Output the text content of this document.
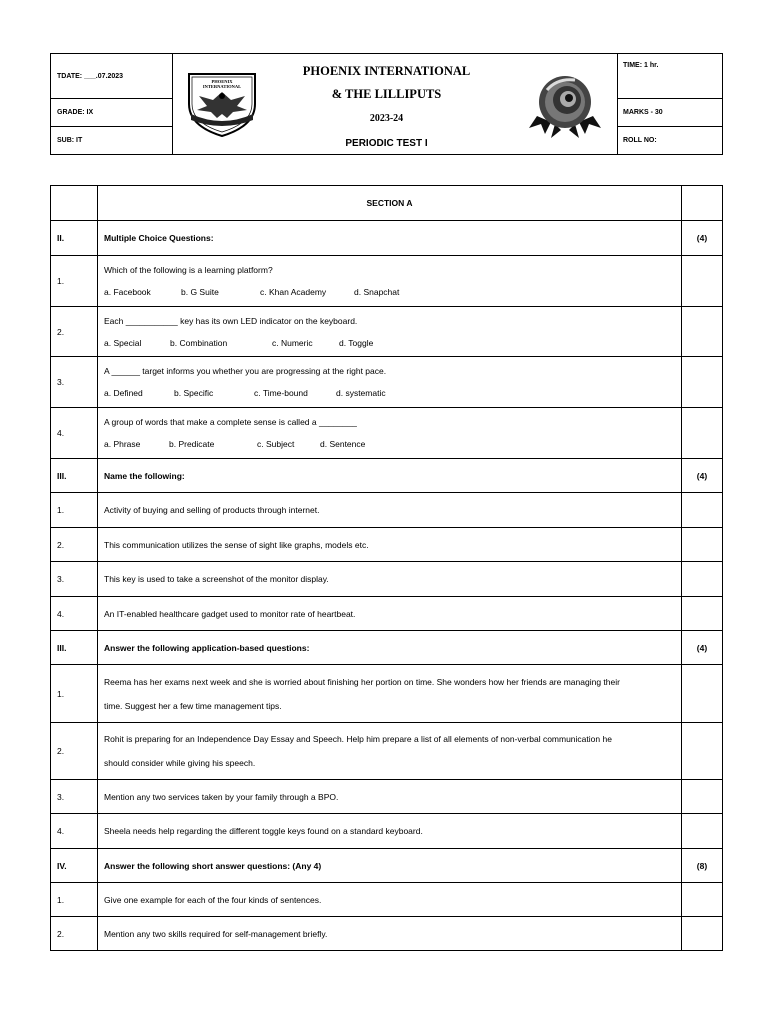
TDATE: ___.07.2023
GRADE: IX
SUB: IT
TIME: 1 hr.
MARKS - 30
ROLL NO:
PHOENIX
INTERNATIONAL
PHOENIX INTERNATIONAL
& THE LILLIPUTS
2023-24
PERIODIC TEST I
	SECTION A	
II.	Multiple Choice Questions:	(4)
1.	Which of the following is a learning platform?
a. Facebook b. G Suite c. Khan Academy d. Snapchat	
2.	Each ___________ key has its own LED indicator on the keyboard.
a. Special b. Combination c. Numeric d. Toggle	
3.	A ______ target informs you whether you are progressing at the right pace.
a. Defined b. Specific c. Time-bound d. systematic	
4.	A group of words that make a complete sense is called a ________
a. Phrase b. Predicate c. Subject d. Sentence	
III.	Name the following:	(4)
1.	Activity of buying and selling of products through internet.	
2.	This communication utilizes the sense of sight like graphs, models etc.	
3.	This key is used to take a screenshot of the monitor display.	
4.	An IT-enabled healthcare gadget used to monitor rate of heartbeat.	
III.	Answer the following application-based questions:	(4)
1.	Reema has her exams next week and she is worried about finishing her portion on time. She wonders how her friends are managing their
time. Suggest her a few time management tips.	

2.	Rohit is preparing for an Independence Day Essay and Speech. Help him prepare a list of all elements of non-verbal communication he
should consider while giving his speech.	

3.	Mention any two services taken by your family through a BPO.	
4.	Sheela needs help regarding the different toggle keys found on a standard keyboard.	
IV.	Answer the following short answer questions: (Any 4)	(8)
1.	Give one example for each of the four kinds of sentences.	
2.	Mention any two skills required for self-management briefly.	
